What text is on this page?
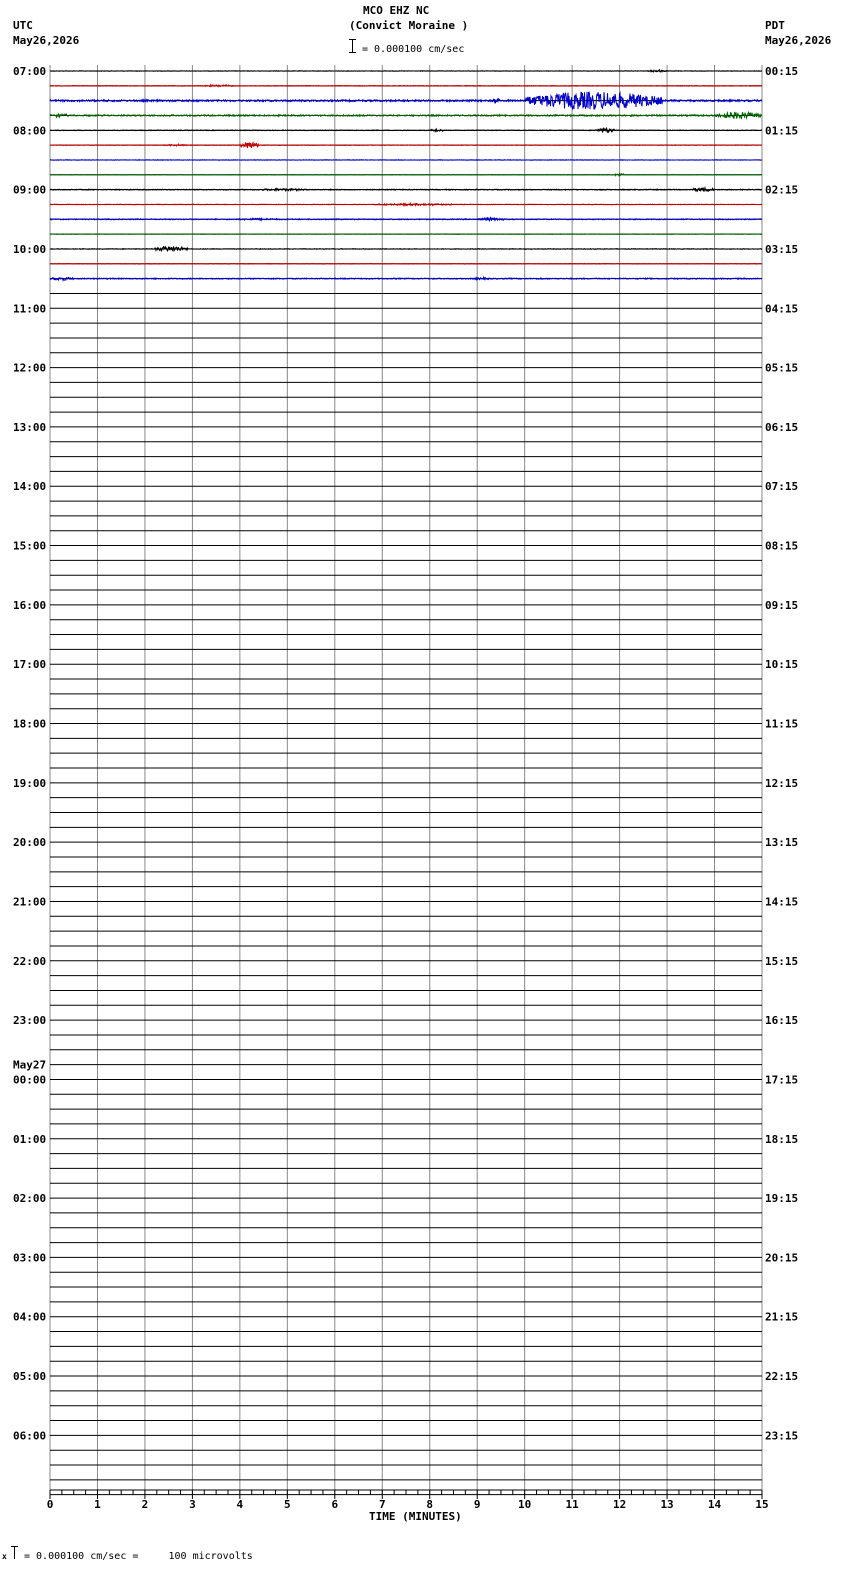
MCO EHZ NC
(Convict Moraine )
= 0.000100 cm/sec
UTC
May26,2026
PDT
May26,2026
07:00	00:15
08:00	01:15
09:00	02:15
10:00	03:15
11:00	04:15
12:00	05:15
13:00	06:15
14:00	07:15
15:00	08:15
16:00	09:15
17:00	10:15
18:00	11:15
19:00	12:15
20:00	13:15
21:00	14:15
22:00	15:15
23:00	16:15
00:00	17:15
01:00	18:15
02:00	19:15
03:00	20:15
04:00	21:15
05:00	22:15
06:00	23:15
May27
0	1	2	3	4	5	6	7	8	9	10	11	12	13	14	15
TIME (MINUTES)
x = 0.000100 cm/sec =     100 microvolts
